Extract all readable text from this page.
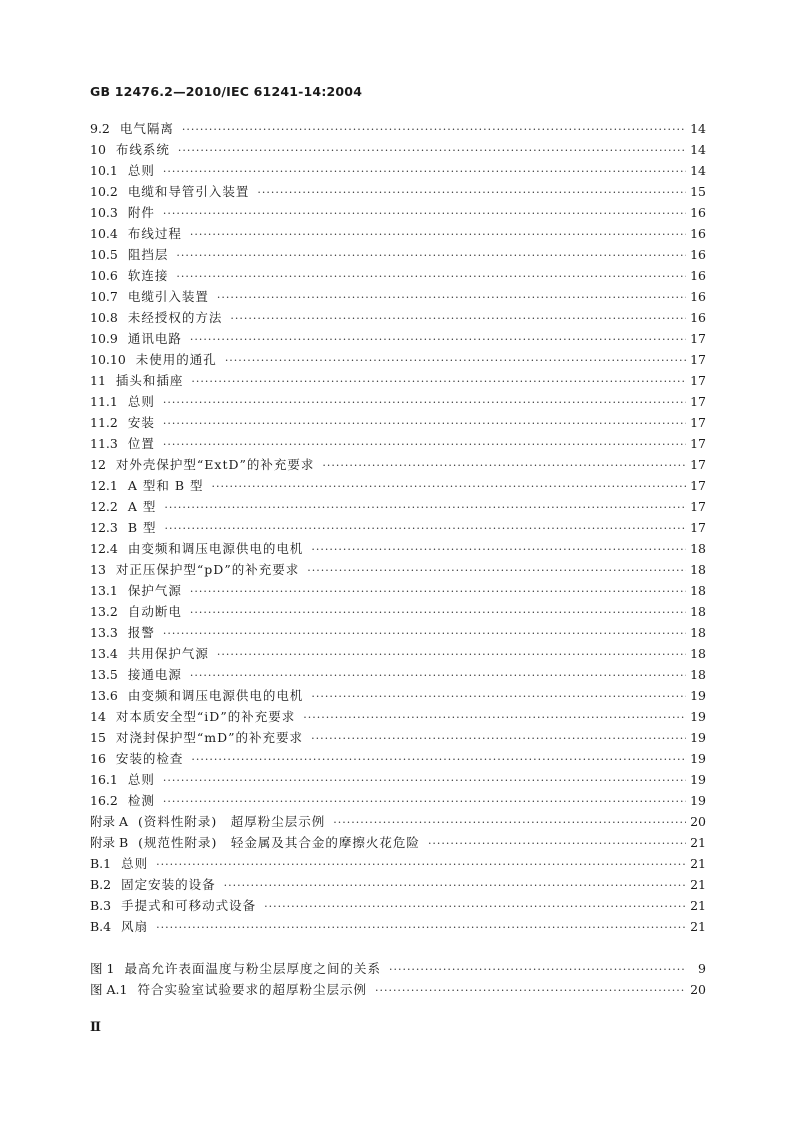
GB 12476.2—2010/IEC 61241-14:2004
9.2 电气隔离 ·····	14
10 布线系统 ·····	14
10.1 总则 ·····	14
10.2 电缆和导管引入装置 ·····	15
10.3 附件 ·····	16
10.4 布线过程 ·····	16
10.5 阻挡层 ·····	16
10.6 软连接 ·····	16
10.7 电缆引入装置 ·····	16
10.8 未经授权的方法 ·····	16
10.9 通讯电路 ·····	17
10.10 未使用的通孔 ·····	17
11 插头和插座 ·····	17
11.1 总则 ·····	17
11.2 安装 ·····	17
11.3 位置 ·····	17
12 对外壳保护型“ExtD”的补充要求 ·····	17
12.1 A 型和 B 型 ·····	17
12.2 A 型 ·····	17
12.3 B 型 ·····	17
12.4 由变频和调压电源供电的电机 ·····	18
13 对正压保护型“pD”的补充要求 ·····	18
13.1 保护气源 ·····	18
13.2 自动断电 ·····	18
13.3 报警 ·····	18
13.4 共用保护气源 ·····	18
13.5 接通电源 ·····	18
13.6 由变频和调压电源供电的电机 ·····	19
14 对本质安全型“iD”的补充要求 ·····	19
15 对浇封保护型“mD”的补充要求 ·····	19
16 安装的检查 ·····	19
16.1 总则 ·····	19
16.2 检测 ·····	19
附录 A (资料性附录)　超厚粉尘层示例 ·····	20
附录 B (规范性附录)　轻金属及其合金的摩擦火花危险 ·····	21
B.1 总则 ·····	21
B.2 固定安装的设备 ·····	21
B.3 手提式和可移动式设备 ·····	21
B.4 风扇 ·····	21
图 1 最高允许表面温度与粉尘层厚度之间的关系 ·····	9
图 A.1 符合实验室试验要求的超厚粉尘层示例 ·····	20
Ⅱ
